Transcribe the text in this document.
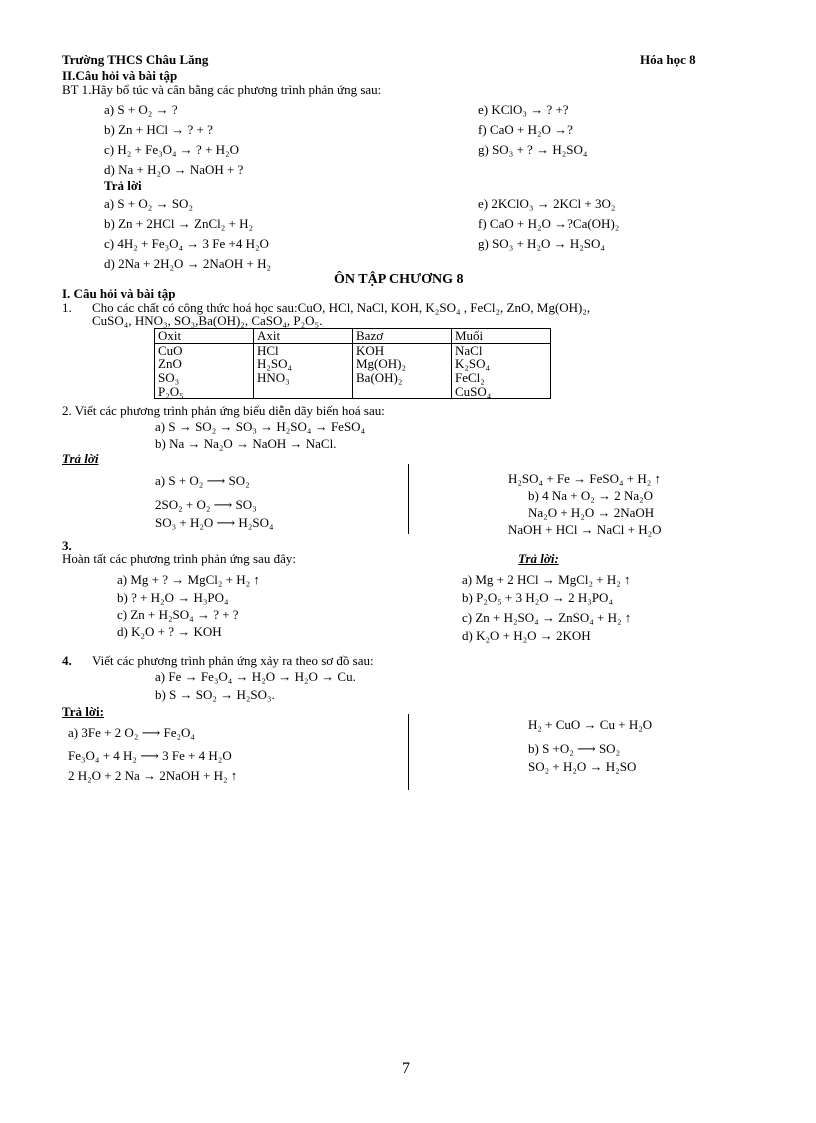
Trường THCS Châu Lăng	Hóa học 8
II.Câu hỏi và bài tập
BT 1.Hãy bổ túc và cân bằng các phương trình phản ứng sau:
a) S + O₂ → ?
b) Zn + HCl → ? + ?
c) H₂ + Fe₃O₄ → ? + H₂O
d) Na + H₂O → NaOH + ?
e) KClO₃ → ? +?
f) CaO + H₂O →?
g) SO₃ + ? → H₂SO₄
Trả lời
a) S + O₂ → SO₂
b) Zn + 2HCl → ZnCl₂ + H₂
c) 4H₂ + Fe₃O₄ → 3 Fe +4 H₂O
d) 2Na + 2H₂O → 2NaOH + H₂
e) 2KClO₃ → 2KCl + 3O₂
f) CaO + H₂O →?Ca(OH)₂
g) SO₃ + H₂O → H₂SO₄
ÔN TẬP CHƯƠNG 8
I. Câu hỏi và bài tập
1. Cho các chất có công thức hoá học sau:CuO, HCl, NaCl, KOH, K₂SO₄ , FeCl₂, ZnO, Mg(OH)₂,
CuSO₄, HNO₃, SO₃,Ba(OH)₂, CaSO₄, P₂O₅.
Oxit	Axit	Bazơ	Muối
CuO	HCl	KOH	NaCl
ZnO	H₂SO₄	Mg(OH)₂	K₂SO₄
SO₃	HNO₃	Ba(OH)₂	FeCl₂
P₂O₅			CuSO₄
2. Viết các phương trình phản ứng biểu diễn dãy biến hoá sau:
a) S → SO₂ → SO₃ → H₂SO₄ → FeSO₄
b) Na → Na₂O → NaOH → NaCl.
Trả lời
a) S + O₂ ⟶ SO₂
2SO₂ + O₂ ⟶ SO₃
SO₃ + H₂O ⟶ H₂SO₄
H₂SO₄ + Fe → FeSO₄ + H₂ ↑
b) 4 Na + O₂ → 2 Na₂O
Na₂O + H₂O → 2NaOH
NaOH + HCl → NaCl + H₂O
3.
Hoàn tất các phương trình phản ứng sau đây:	Trả lời:
a) Mg + ? → MgCl₂ + H₂ ↑
b) ? + H₂O → H₃PO₄
c) Zn + H₂SO₄ → ? + ?
d) K₂O + ? → KOH
a) Mg + 2 HCl → MgCl₂ + H₂ ↑
b) P₂O₅ + 3 H₂O → 2 H₃PO₄
c) Zn + H₂SO₄ → ZnSO₄ + H₂ ↑
d) K₂O + H₂O → 2KOH
4. Viết các phương trình phản ứng xảy ra theo sơ đồ sau:
a) Fe → Fe₃O₄ → H₂O → H₂O → Cu.
b) S → SO₂ → H₂SO₃.
Trả lời:
a) 3Fe + 2 O₂ ⟶ Fe₂O₄
Fe₃O₄ + 4 H₂ ⟶ 3 Fe + 4 H₂O
2 H₂O + 2 Na → 2NaOH + H₂ ↑
H₂ + CuO → Cu + H₂O
b) S +O₂ ⟶ SO₂
SO₂ + H₂O → H₂SO
7
